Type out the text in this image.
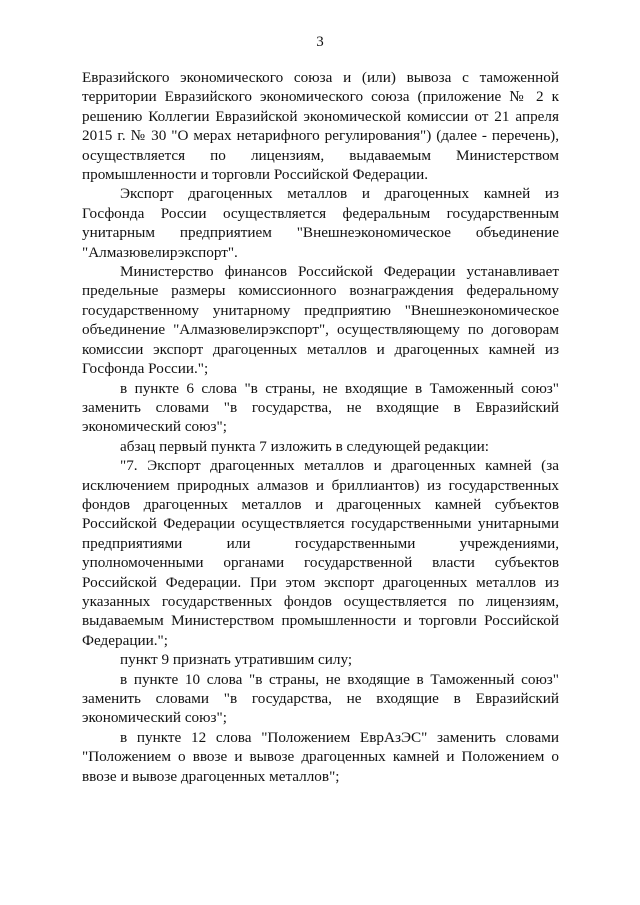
3

Евразийского экономического союза и (или) вывоза с таможенной территории Евразийского экономического союза (приложение № 2 к решению Коллегии Евразийской экономической комиссии от 21 апреля 2015 г. № 30 "О мерах нетарифного регулирования") (далее - перечень), осуществляется по лицензиям, выдаваемым Министерством промышленности и торговли Российской Федерации.

Экспорт драгоценных металлов и драгоценных камней из Госфонда России осуществляется федеральным государственным унитарным предприятием "Внешнеэкономическое объединение "Алмазювелирэкспорт".

Министерство финансов Российской Федерации устанавливает предельные размеры комиссионного вознаграждения федеральному государственному унитарному предприятию "Внешнеэкономическое объединение "Алмазювелирэкспорт", осуществляющему по договорам комиссии экспорт драгоценных металлов и драгоценных камней из Госфонда России.";

в пункте 6 слова "в страны, не входящие в Таможенный союз" заменить словами "в государства, не входящие в Евразийский экономический союз";

абзац первый пункта 7 изложить в следующей редакции:

"7. Экспорт драгоценных металлов и драгоценных камней (за исключением природных алмазов и бриллиантов) из государственных фондов драгоценных металлов и драгоценных камней субъектов Российской Федерации осуществляется государственными унитарными предприятиями или государственными учреждениями, уполномоченными органами государственной власти субъектов Российской Федерации. При этом экспорт драгоценных металлов из указанных государственных фондов осуществляется по лицензиям, выдаваемым Министерством промышленности и торговли Российской Федерации.";

пункт 9 признать утратившим силу;

в пункте 10 слова "в страны, не входящие в Таможенный союз" заменить словами "в государства, не входящие в Евразийский экономический союз";

в пункте 12 слова "Положением ЕврАзЭС" заменить словами "Положением о ввозе и вывозе драгоценных камней и Положением о ввозе и вывозе драгоценных металлов";
